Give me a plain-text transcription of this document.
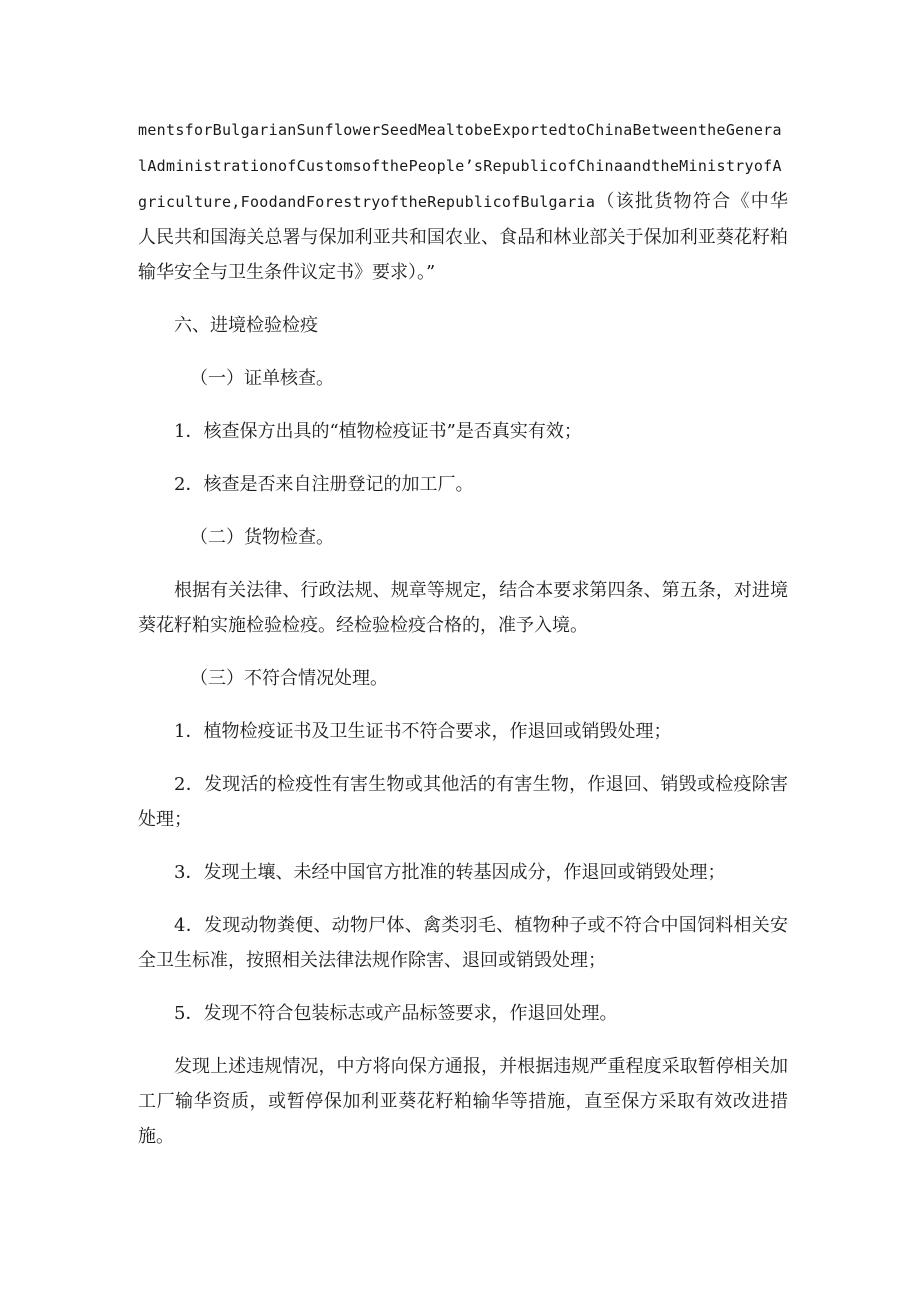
mentsforBulgarianSunflowerSeedMealtobeExportedtoChinaBetweentheGeneralAdministrationofCustomsofthePeople’sRepublicofChinaandtheMinistryofAgriculture,FoodandForestryoftheRepublicofBulgaria（该批货物符合《中华人民共和国海关总署与保加利亚共和国农业、食品和林业部关于保加利亚葵花籽粕输华安全与卫生条件议定书》要求）。”

六、进境检验检疫

（一）证单核查。

1．核查保方出具的“植物检疫证书”是否真实有效；

2．核查是否来自注册登记的加工厂。

（二）货物检查。

根据有关法律、行政法规、规章等规定，结合本要求第四条、第五条，对进境葵花籽粕实施检验检疫。经检验检疫合格的，准予入境。

（三）不符合情况处理。

1．植物检疫证书及卫生证书不符合要求，作退回或销毁处理；

2．发现活的检疫性有害生物或其他活的有害生物，作退回、销毁或检疫除害处理；

3．发现土壤、未经中国官方批准的转基因成分，作退回或销毁处理；

4．发现动物粪便、动物尸体、禽类羽毛、植物种子或不符合中国饲料相关安全卫生标准，按照相关法律法规作除害、退回或销毁处理；

5．发现不符合包装标志或产品标签要求，作退回处理。

发现上述违规情况，中方将向保方通报，并根据违规严重程度采取暂停相关加工厂输华资质，或暂停保加利亚葵花籽粕输华等措施，直至保方采取有效改进措施。
